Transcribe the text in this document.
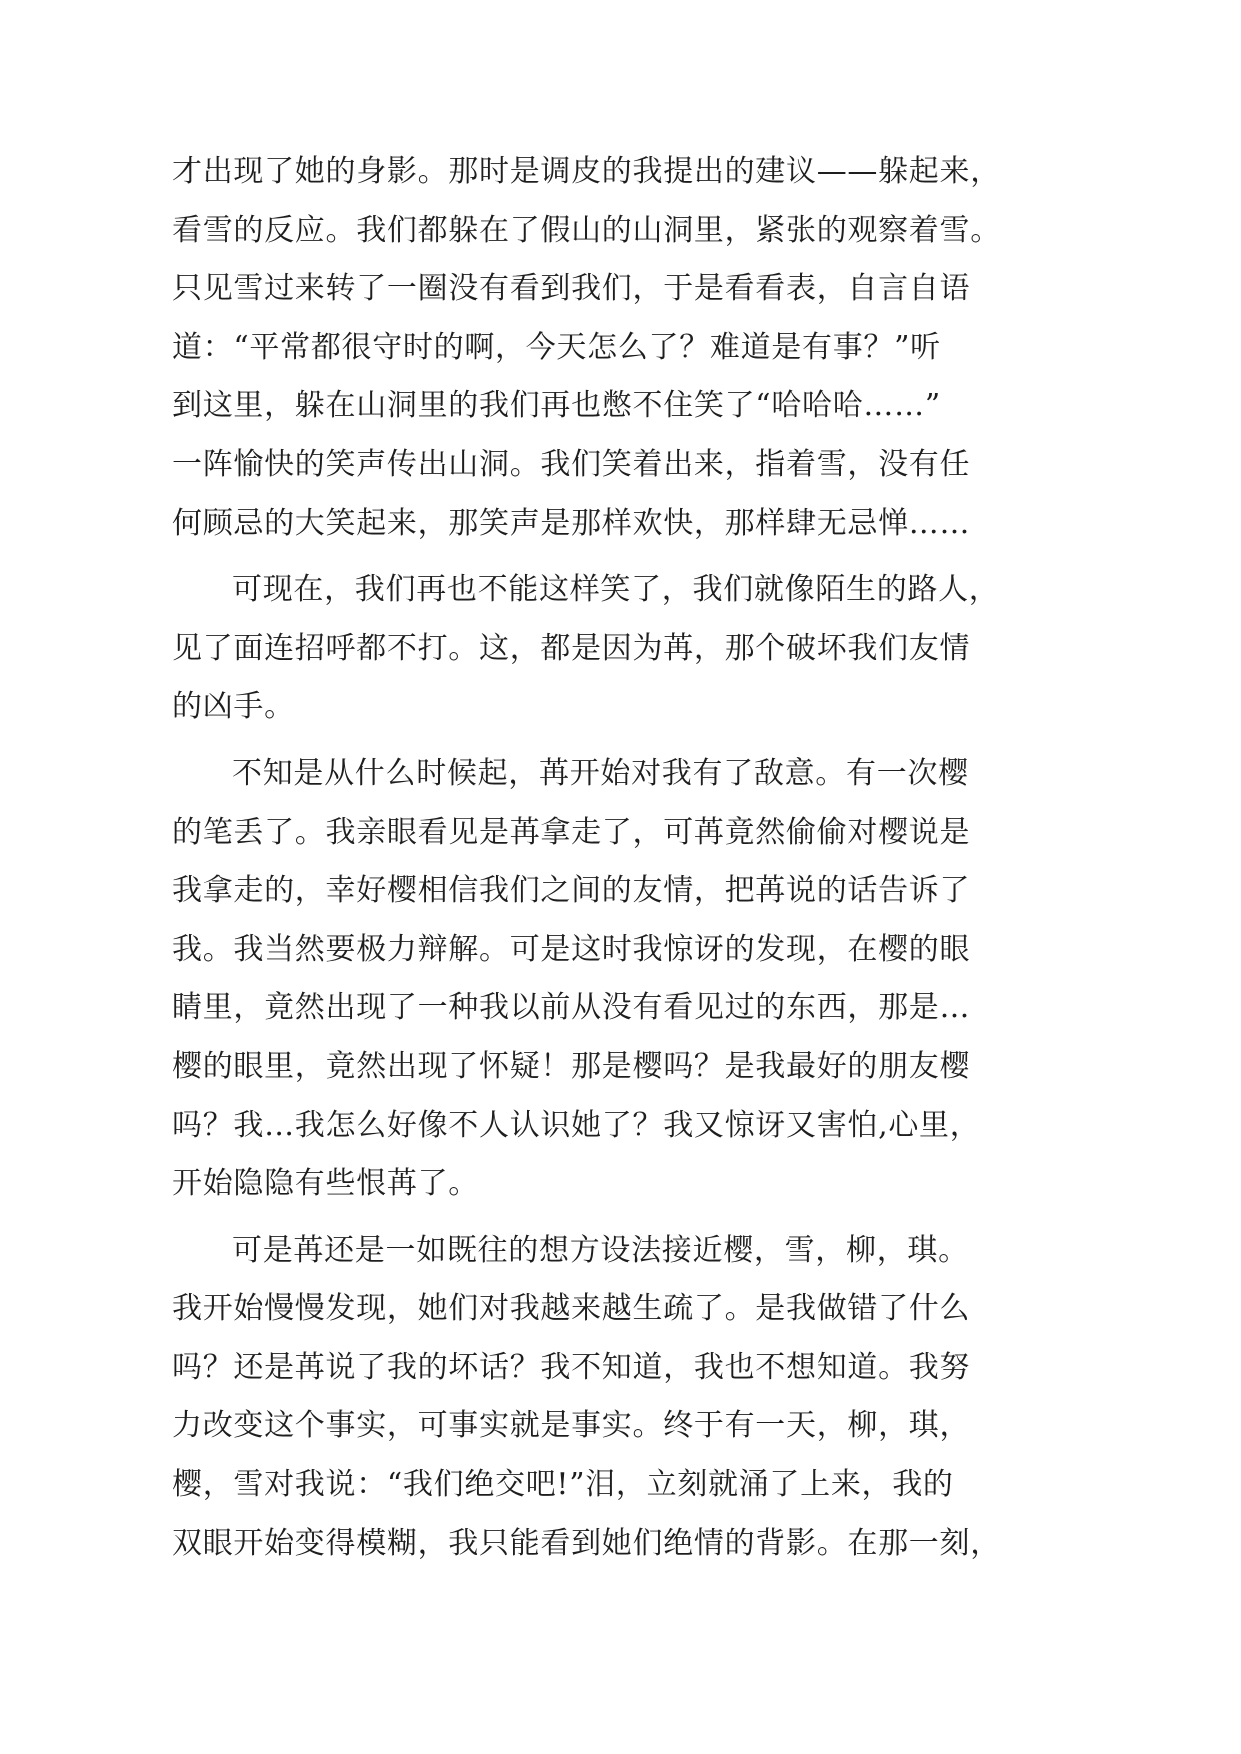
才出现了她的身影。那时是调皮的我提出的建议——躲起来，
看雪的反应。我们都躲在了假山的山洞里，紧张的观察着雪。
只见雪过来转了一圈没有看到我们，于是看看表，自言自语
道：“平常都很守时的啊，今天怎么了？难道是有事？”听
到这里，躲在山洞里的我们再也憋不住笑了“哈哈哈……”
一阵愉快的笑声传出山洞。我们笑着出来，指着雪，没有任
何顾忌的大笑起来，那笑声是那样欢快，那样肆无忌惮……
可现在，我们再也不能这样笑了，我们就像陌生的路人，
见了面连招呼都不打。这，都是因为苒，那个破坏我们友情
的凶手。
不知是从什么时候起，苒开始对我有了敌意。有一次樱
的笔丢了。我亲眼看见是苒拿走了，可苒竟然偷偷对樱说是
我拿走的，幸好樱相信我们之间的友情，把苒说的话告诉了
我。我当然要极力辩解。可是这时我惊讶的发现，在樱的眼
睛里，竟然出现了一种我以前从没有看见过的东西，那是…
樱的眼里，竟然出现了怀疑！那是樱吗？是我最好的朋友樱
吗？我…我怎么好像不人认识她了？我又惊讶又害怕,心里，
开始隐隐有些恨苒了。
可是苒还是一如既往的想方设法接近樱，雪，柳，琪。
我开始慢慢发现，她们对我越来越生疏了。是我做错了什么
吗？还是苒说了我的坏话？我不知道，我也不想知道。我努
力改变这个事实，可事实就是事实。终于有一天，柳，琪，
樱，雪对我说：“我们绝交吧!”泪，立刻就涌了上来，我的
双眼开始变得模糊，我只能看到她们绝情的背影。在那一刻，
